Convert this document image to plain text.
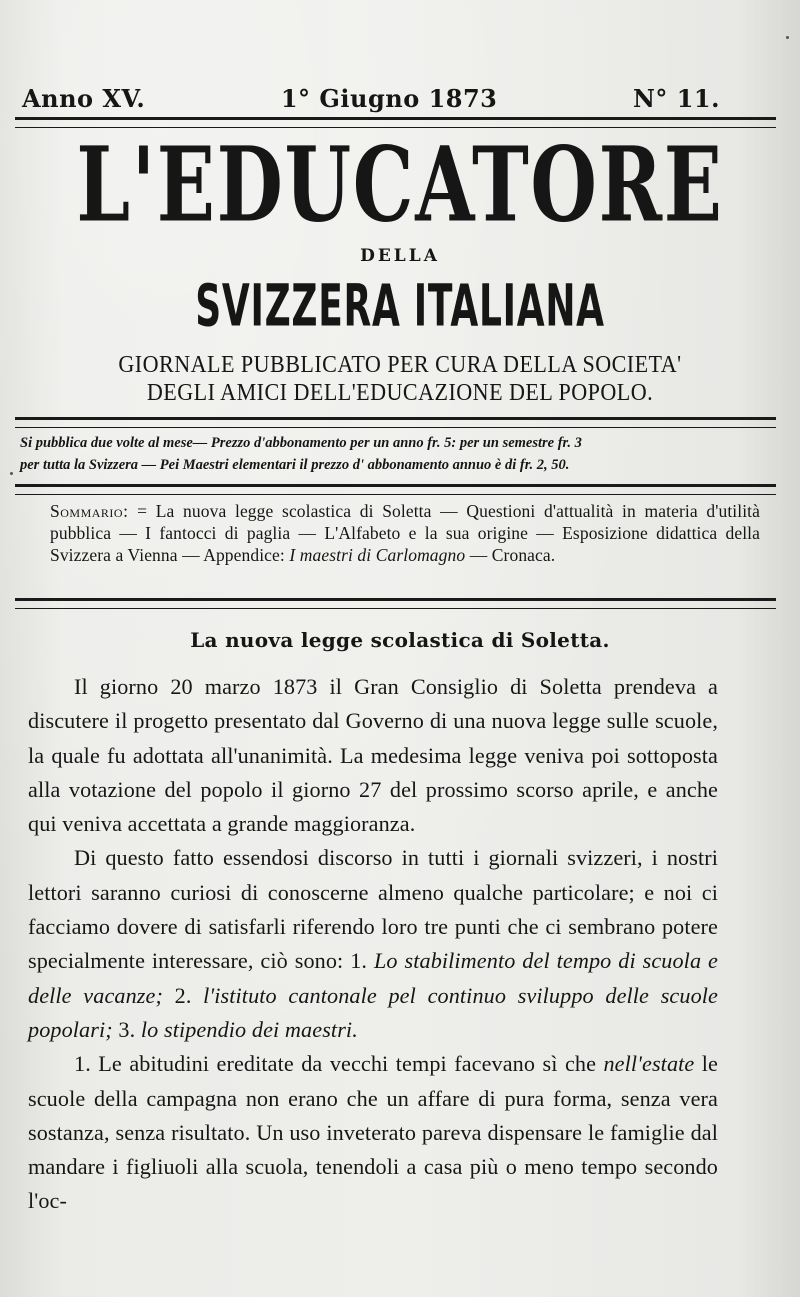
Anno XV.	1° Giugno 1873	N° 11.
L'EDUCATORE
DELLA
SVIZZERA ITALIANA
GIORNALE PUBBLICATO PER CURA DELLA SOCIETA'
DEGLI AMICI DELL'EDUCAZIONE DEL POPOLO.
Si pubblica due volte al mese— Prezzo d'abbonamento per un anno fr. 5: per un semestre fr. 3
per tutta la Svizzera — Pei Maestri elementari il prezzo d' abbonamento annuo è di fr. 2, 50.
Sommario: = La nuova legge scolastica di Soletta — Questioni d'attualità in materia d'utilità pubblica — I fantocci di paglia — L'Alfabeto e la sua origine — Esposizione didattica della Svizzera a Vienna — Appendice: I maestri di Carlomagno — Cronaca.
La nuova legge scolastica di Soletta.

Il giorno 20 marzo 1873 il Gran Consiglio di Soletta prendeva a discutere il progetto presentato dal Governo di una nuova legge sulle scuole, la quale fu adottata all'unanimità. La medesima legge veniva poi sottoposta alla votazione del popolo il giorno 27 del prossimo scorso aprile, e anche qui veniva accettata a grande maggioranza.

Di questo fatto essendosi discorso in tutti i giornali svizzeri, i nostri lettori saranno curiosi di conoscerne almeno qualche particolare; e noi ci facciamo dovere di satisfarli riferendo loro tre punti che ci sembrano potere specialmente interessare, ciò sono: 1. Lo stabilimento del tempo di scuola e delle vacanze; 2. l'istituto cantonale pel continuo sviluppo delle scuole popolari; 3. lo stipendio dei maestri.

1. Le abitudini ereditate da vecchi tempi facevano sì che nell'estate le scuole della campagna non erano che un affare di pura forma, senza vera sostanza, senza risultato. Un uso inveterato pareva dispensare le famiglie dal mandare i figliuoli alla scuola, tenendoli a casa più o meno tempo secondo l'oc-
